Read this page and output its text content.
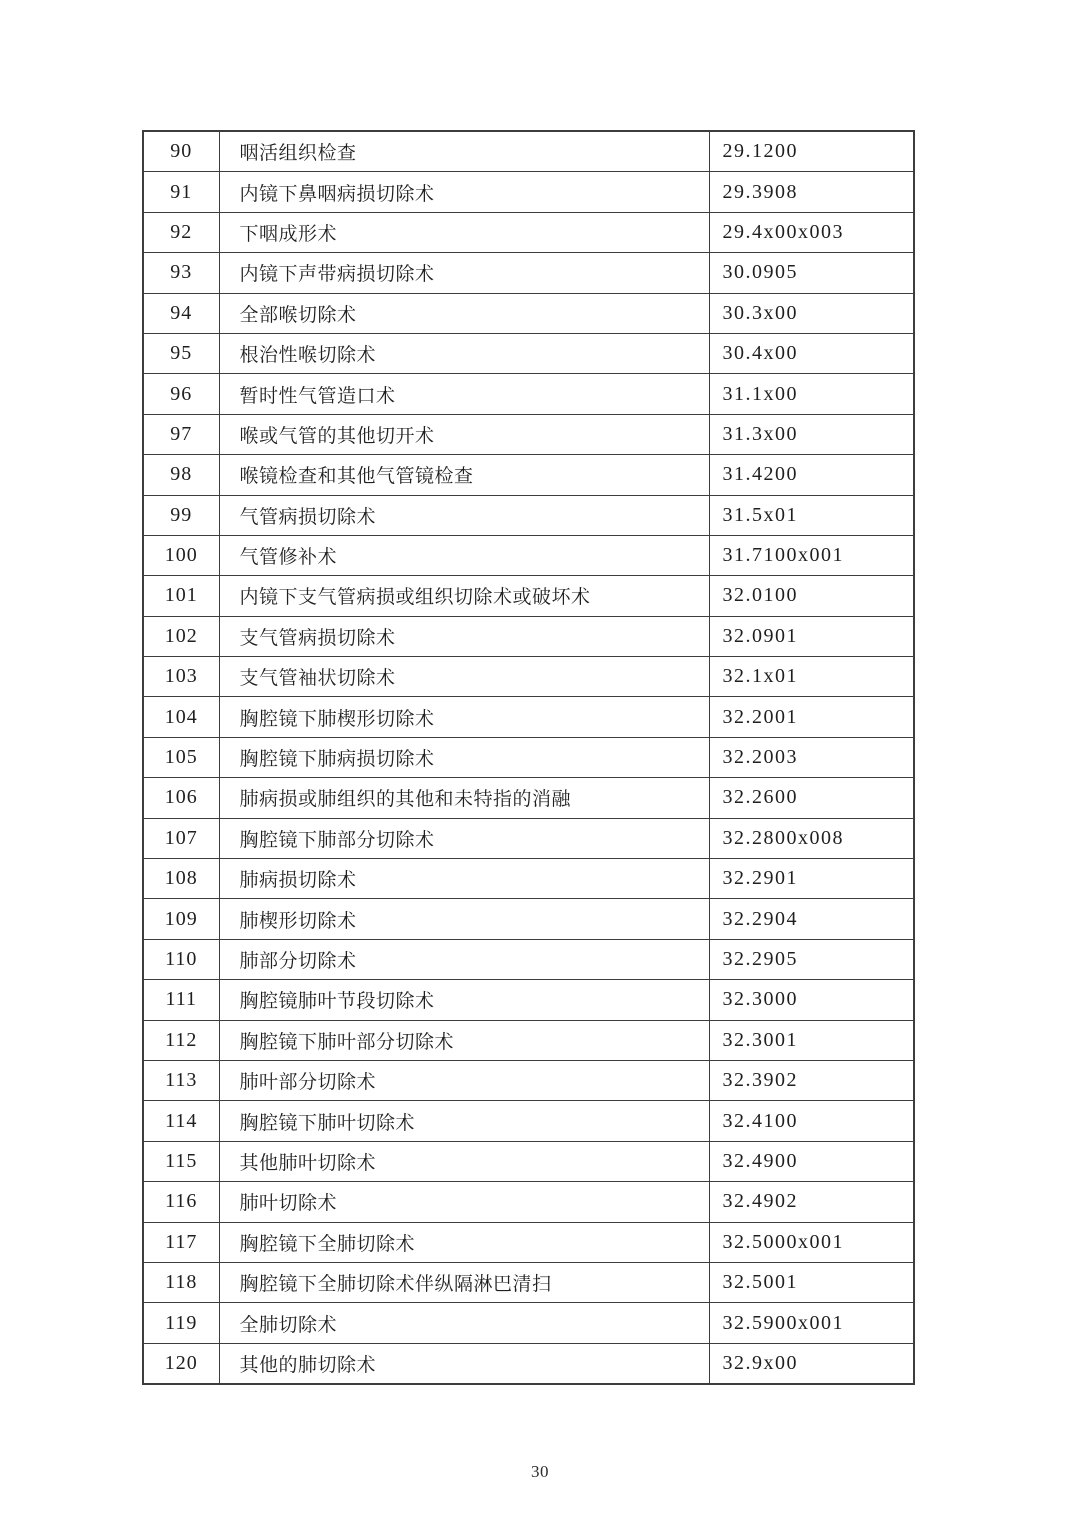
90	咽活组织检查	29.1200
91	内镜下鼻咽病损切除术	29.3908
92	下咽成形术	29.4x00x003
93	内镜下声带病损切除术	30.0905
94	全部喉切除术	30.3x00
95	根治性喉切除术	30.4x00
96	暂时性气管造口术	31.1x00
97	喉或气管的其他切开术	31.3x00
98	喉镜检查和其他气管镜检查	31.4200
99	气管病损切除术	31.5x01
100	气管修补术	31.7100x001
101	内镜下支气管病损或组织切除术或破坏术	32.0100
102	支气管病损切除术	32.0901
103	支气管袖状切除术	32.1x01
104	胸腔镜下肺楔形切除术	32.2001
105	胸腔镜下肺病损切除术	32.2003
106	肺病损或肺组织的其他和未特指的消融	32.2600
107	胸腔镜下肺部分切除术	32.2800x008
108	肺病损切除术	32.2901
109	肺楔形切除术	32.2904
110	肺部分切除术	32.2905
111	胸腔镜肺叶节段切除术	32.3000
112	胸腔镜下肺叶部分切除术	32.3001
113	肺叶部分切除术	32.3902
114	胸腔镜下肺叶切除术	32.4100
115	其他肺叶切除术	32.4900
116	肺叶切除术	32.4902
117	胸腔镜下全肺切除术	32.5000x001
118	胸腔镜下全肺切除术伴纵隔淋巴清扫	32.5001
119	全肺切除术	32.5900x001
120	其他的肺切除术	32.9x00
30
